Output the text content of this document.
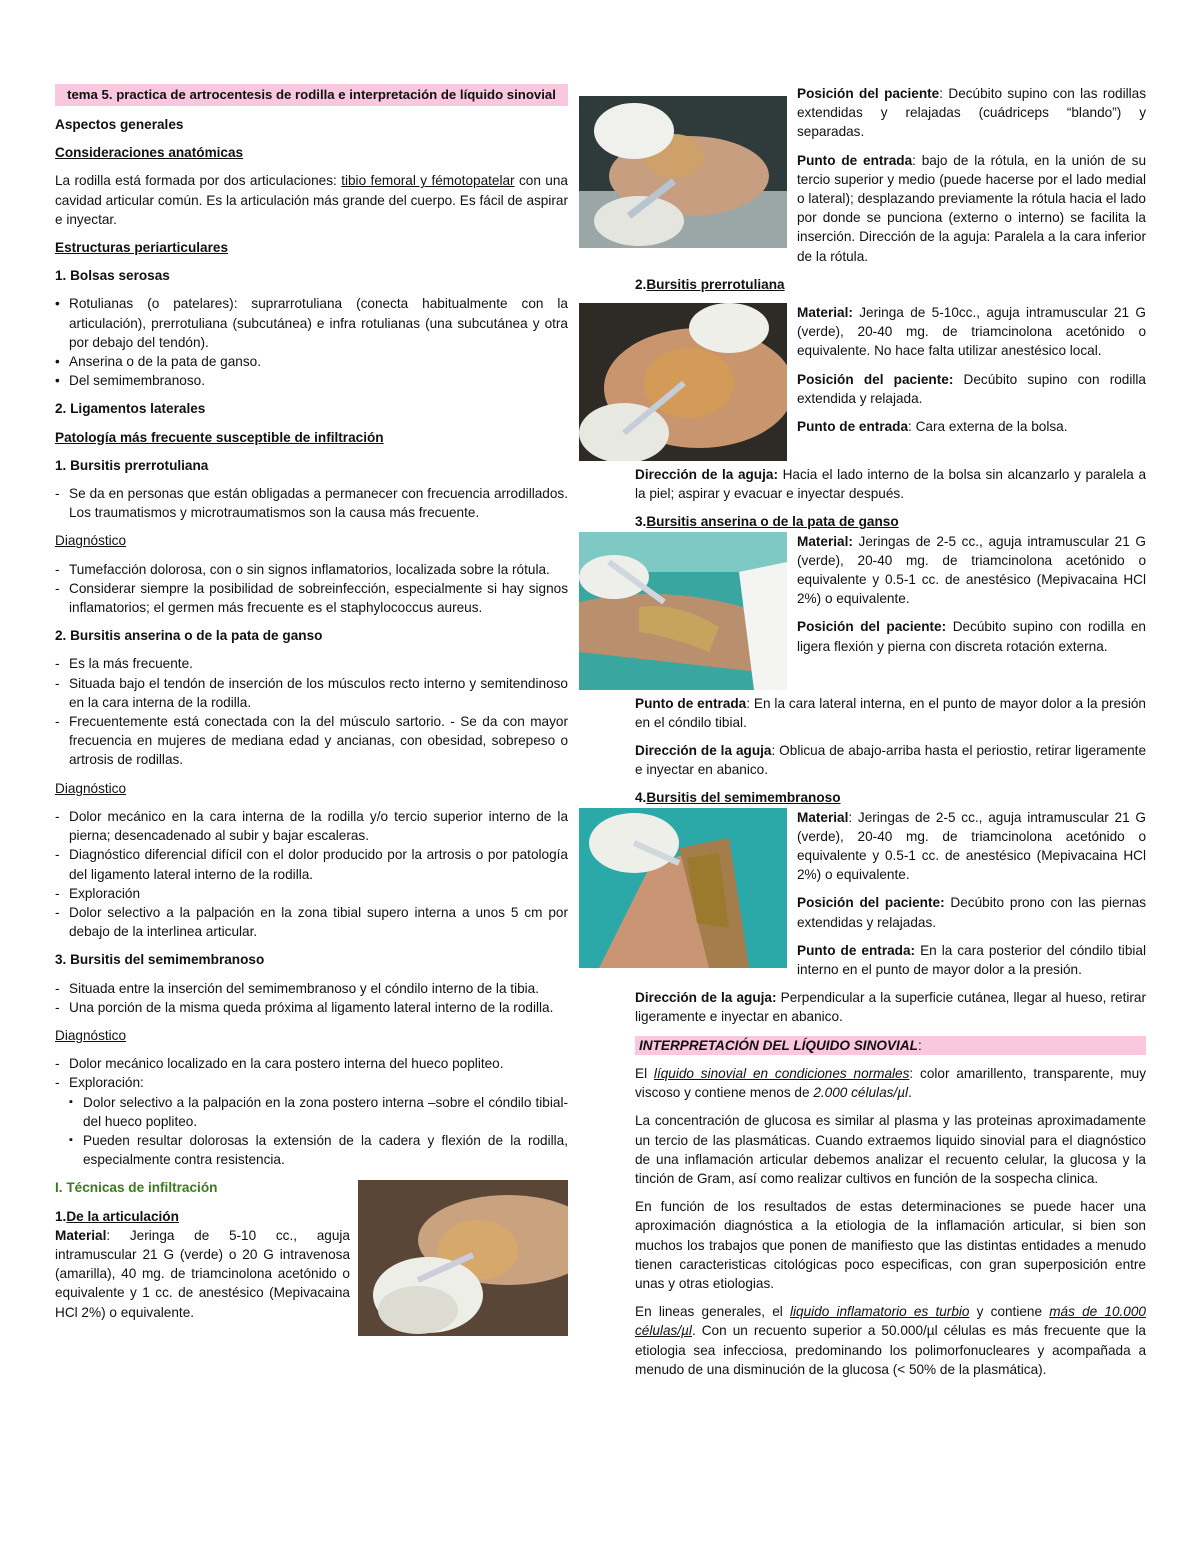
tema 5. practica de artrocentesis de rodilla e interpretación de líquido sinovial
Aspectos generales
Consideraciones anatómicas

La rodilla está formada por dos articulaciones: tibio femoral y fémotopatelar con una cavidad articular común. Es la articulación más grande del cuerpo. Es fácil de aspirar e inyectar.

Estructuras periarticulares
1. Bolsas serosas
• Rotulianas (o patelares): suprarrotuliana (conecta habitualmente con la articulación), prerrotuliana (subcutánea) e infra rotulianas (una subcutánea y otra por debajo del tendón).
• Anserina o de la pata de ganso.
• Del semimembranoso.
2. Ligamentos laterales
Patología más frecuente susceptible de infiltración
1. Bursitis prerrotuliana
- Se da en personas que están obligadas a permanecer con frecuencia arrodillados. Los traumatismos y microtraumatismos son la causa más frecuente.
Diagnóstico
- Tumefacción dolorosa, con o sin signos inflamatorios, localizada sobre la rótula.
- Considerar siempre la posibilidad de sobreinfección, especialmente si hay signos inflamatorios; el germen más frecuente es el staphylococcus aureus.
2. Bursitis anserina o de la pata de ganso
- Es la más frecuente.
- Situada bajo el tendón de inserción de los músculos recto interno y semitendinoso en la cara interna de la rodilla.
- Frecuentemente está conectada con la del músculo sartorio. - Se da con mayor frecuencia en mujeres de mediana edad y ancianas, con obesidad, sobrepeso o artrosis de rodillas.
Diagnóstico
- Dolor mecánico en la cara interna de la rodilla y/o tercio superior interno de la pierna; desencadenado al subir y bajar escaleras.
- Diagnóstico diferencial difícil con el dolor producido por la artrosis o por patología del ligamento lateral interno de la rodilla.
- Exploración
- Dolor selectivo a la palpación en la zona tibial supero interna a unos 5 cm por debajo de la interlinea articular.
3. Bursitis del semimembranoso
- Situada entre la inserción del semimembranoso y el cóndilo interno de la tibia.
- Una porción de la misma queda próxima al ligamento lateral interno de la rodilla.
Diagnóstico
- Dolor mecánico localizado en la cara postero interna del hueco popliteo.
- Exploración:
▪ Dolor selectivo a la palpación en la zona postero interna –sobre el cóndilo tibial- del hueco popliteo.
▪ Pueden resultar dolorosas la extensión de la cadera y flexión de la rodilla, especialmente contra resistencia.
I. Técnicas de infiltración
1.De la articulación

Material: Jeringa de 5-10 cc., aguja intramuscular 21 G (verde) o 20 G intravenosa (amarilla), 40 mg. de triamcinolona acetónido o equivalente y 1 cc. de anestésico (Mepivacaina HCl 2%) o equivalente.

Posición del paciente: Decúbito supino con las rodillas extendidas y relajadas (cuádriceps “blando”) y separadas.

Punto de entrada: bajo de la rótula, en la unión de su tercio superior y medio (puede hacerse por el lado medial o lateral); desplazando previamente la rótula hacia el lado por donde se punciona (externo o interno) se facilita la inserción. Dirección de la aguja: Paralela a la cara inferior de la rótula.

2.Bursitis prerrotuliana

Material: Jeringa de 5-10cc., aguja intramuscular 21 G (verde), 20-40 mg. de triamcinolona acetónido o equivalente. No hace falta utilizar anestésico local.

Posición del paciente: Decúbito supino con rodilla extendida y relajada.

Punto de entrada: Cara externa de la bolsa.

Dirección de la aguja: Hacia el lado interno de la bolsa sin alcanzarlo y paralela a la piel; aspirar y evacuar e inyectar después.

3.Bursitis anserina o de la pata de ganso

Material: Jeringas de 2-5 cc., aguja intramuscular 21 G (verde), 20-40 mg. de triamcinolona acetónido o equivalente y 0.5-1 cc. de anestésico (Mepivacaina HCl 2%) o equivalente.

Posición del paciente: Decúbito supino con rodilla en ligera flexión y pierna con discreta rotación externa.

Punto de entrada: En la cara lateral interna, en el punto de mayor dolor a la presión en el cóndilo tibial.

Dirección de la aguja: Oblicua de abajo-arriba hasta el periostio, retirar ligeramente e inyectar en abanico.

4.Bursitis del semimembranoso

Material: Jeringas de 2-5 cc., aguja intramuscular 21 G (verde), 20-40 mg. de triamcinolona acetónido o equivalente y 0.5-1 cc. de anestésico (Mepivacaina HCl 2%) o equivalente.

Posición del paciente: Decúbito prono con las piernas extendidas y relajadas.

Punto de entrada: En la cara posterior del cóndilo tibial interno en el punto de mayor dolor a la presión.

Dirección de la aguja: Perpendicular a la superficie cutánea, llegar al hueso, retirar ligeramente e inyectar en abanico.

INTERPRETACIÓN DEL LÍQUIDO SINOVIAL:

El líquido sinovial en condiciones normales: color amarillento, transparente, muy viscoso y contiene menos de 2.000 células/µl.

La concentración de glucosa es similar al plasma y las proteinas aproximadamente un tercio de las plasmáticas. Cuando extraemos liquido sinovial para el diagnóstico de una inflamación articular debemos analizar el recuento celular, la glucosa y la tinción de Gram, así como realizar cultivos en función de la sospecha clinica.

En función de los resultados de estas determinaciones se puede hacer una aproximación diagnóstica a la etiologia de la inflamación articular, si bien son muchos los trabajos que ponen de manifiesto que las distintas entidades a menudo tienen caracteristicas citológicas poco especificas, con gran superposición entre unas y otras etiologias.

En lineas generales, el liquido inflamatorio es turbio y contiene más de 10.000 células/µl. Con un recuento superior a 50.000/µl células es más frecuente que la etiologia sea infecciosa, predominando los polimorfonucleares y acompañada a menudo de una disminución de la glucosa (< 50% de la plasmática).
